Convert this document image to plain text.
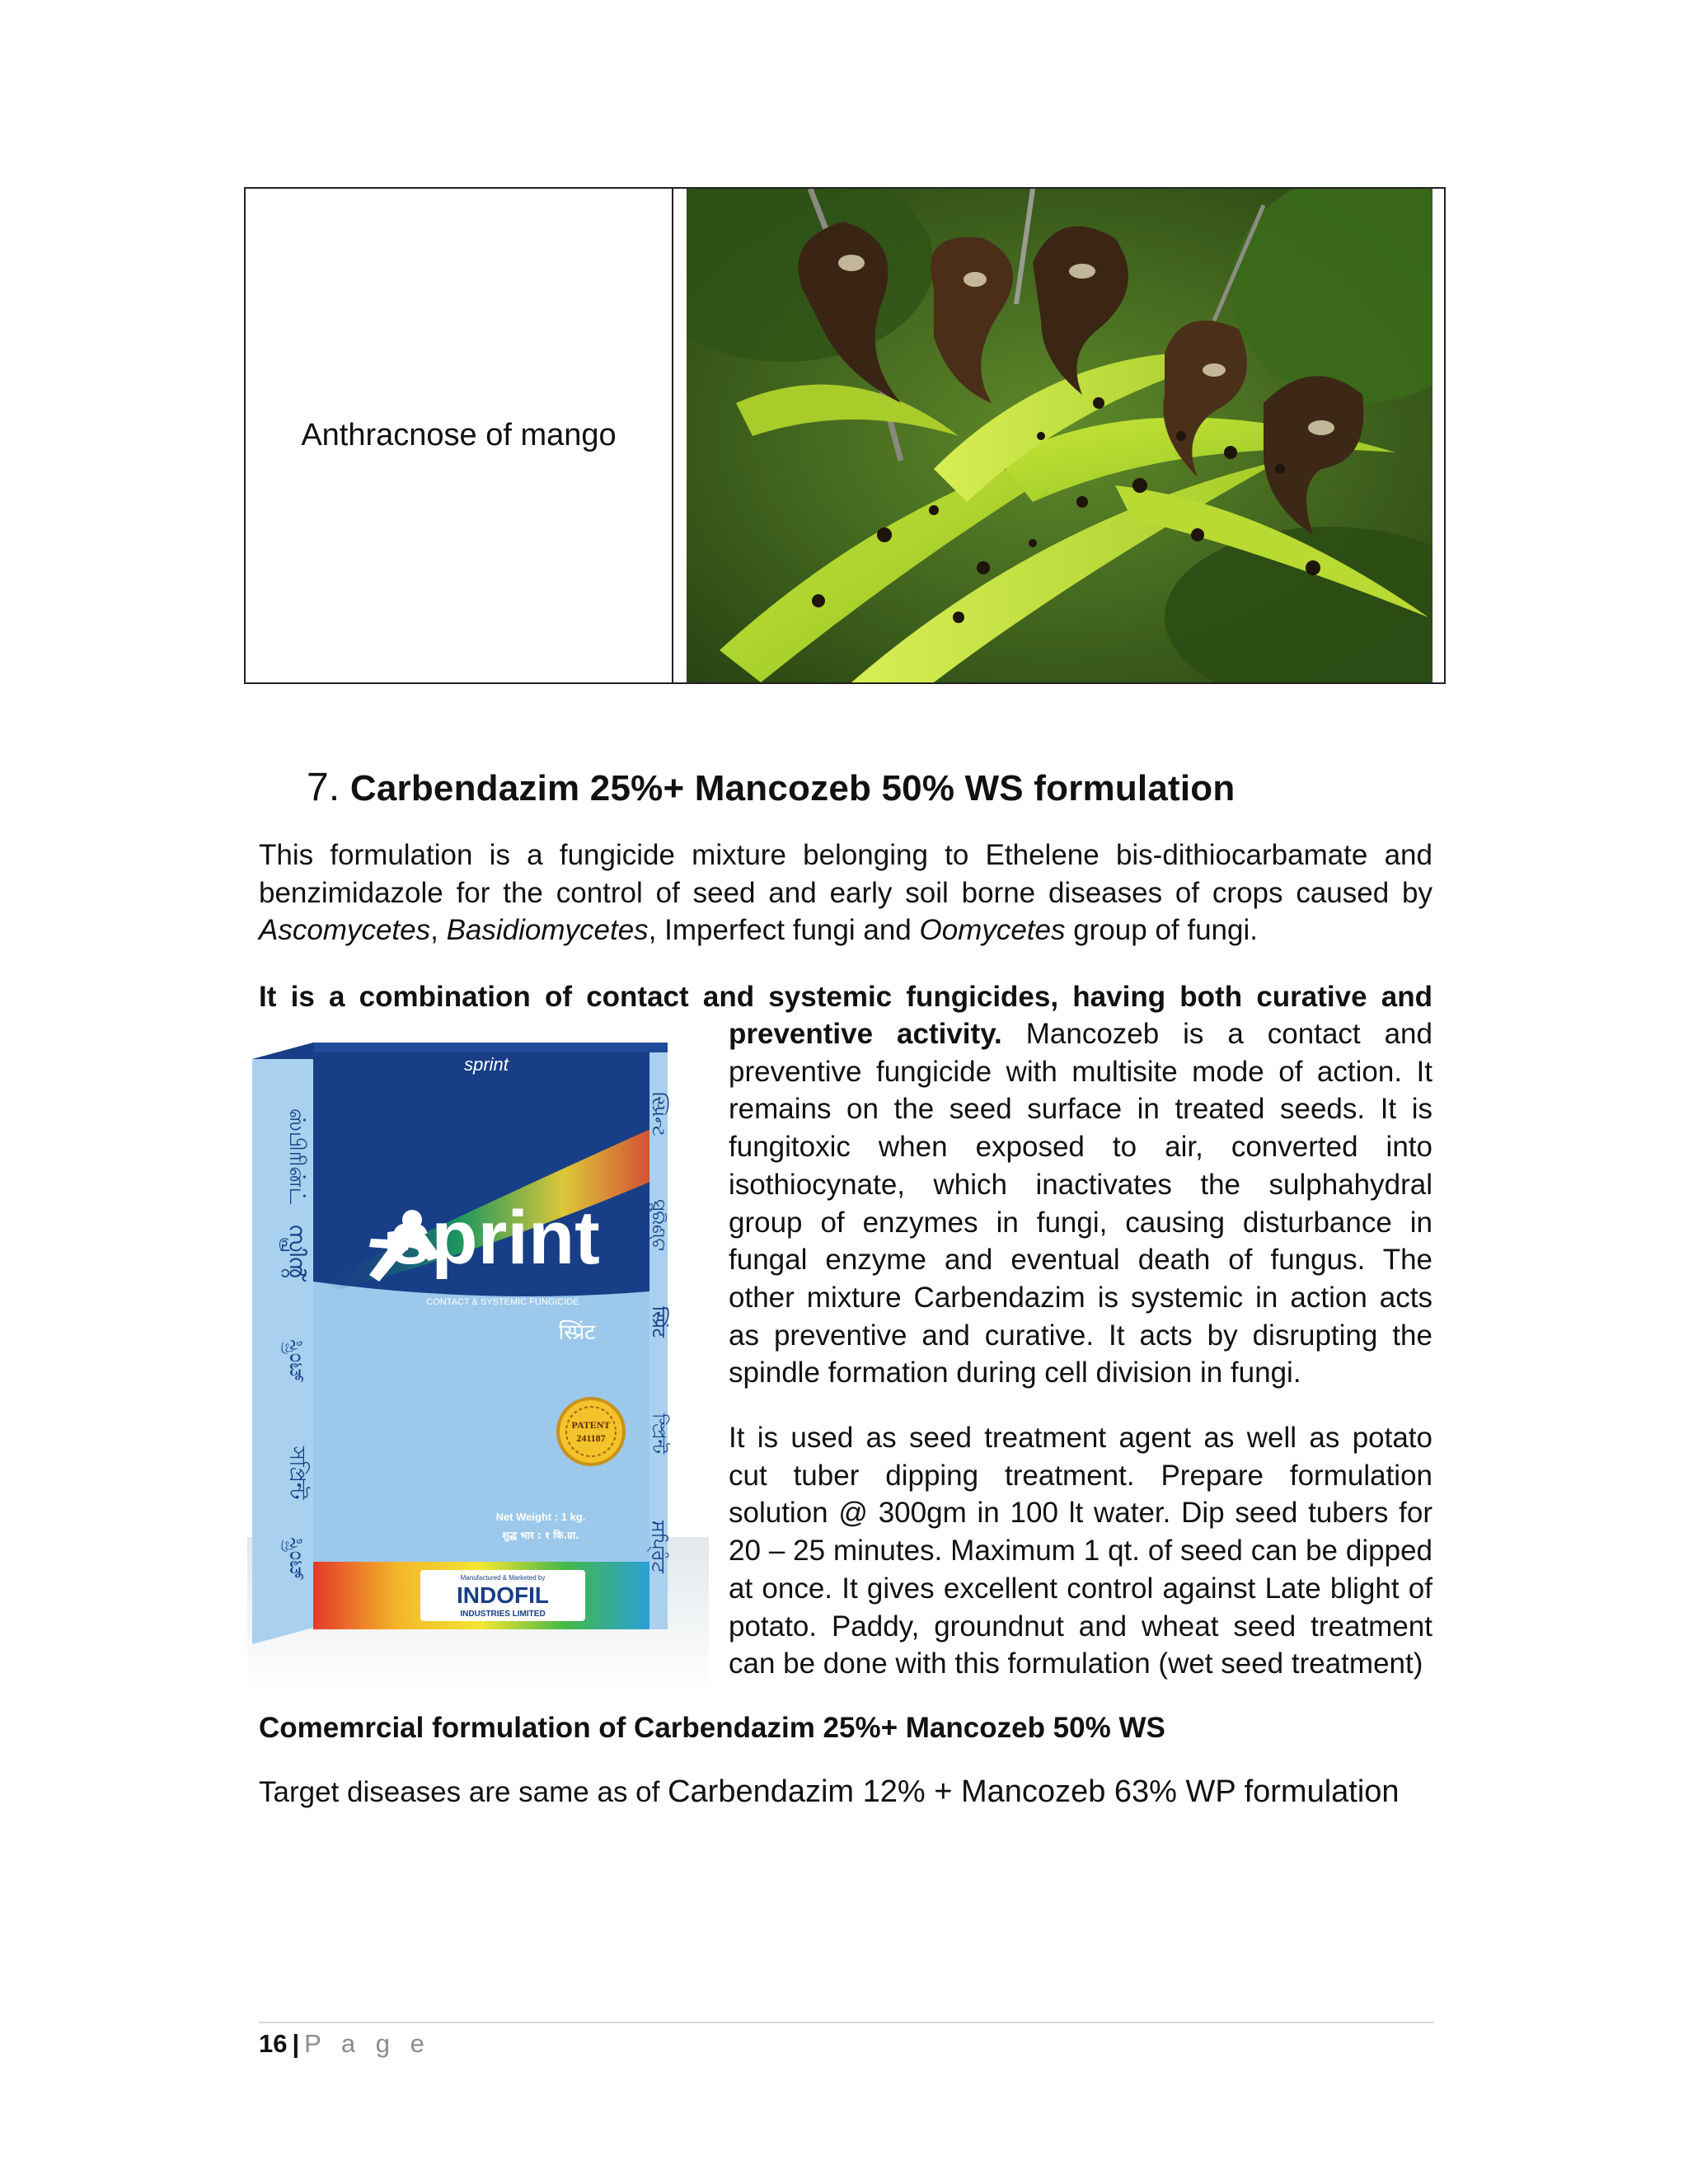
Anthracnose of mango
7. Carbendazim 25%+ Mancozeb 50% WS formulation
This formulation is a fungicide mixture belonging to Ethelene bis-dithiocarbamate and benzimidazole for the control of seed and early soil borne diseases of crops caused by Ascomycetes, Basidiomycetes, Imperfect fungi and Oomycetes group of fungi.
It is a combination of contact and systemic fungicides, having both curative and
preventive activity. Mancozeb is a contact and preventive fungicide with multisite mode of action. It remains on the seed surface in treated seeds. It is fungitoxic when exposed to air, converted into isothiocynate, which inactivates the sulphahydral group of enzymes in fungi, causing disturbance in fungal enzyme and eventual death of fungus. The other mixture Carbendazim is systemic in action acts as preventive and curative. It acts by disrupting the spindle formation during cell division in fungi.
It is used as seed treatment agent as well as potato cut tuber dipping treatment. Prepare formulation solution @ 300gm in 100 lt water. Dip seed tubers for 20 – 25 minutes. Maximum 1 qt. of seed can be dipped at once. It gives excellent control against Late blight of potato. Paddy, groundnut and wheat seed treatment can be done with this formulation (wet seed treatment)
sprint
sprint
CONTACT & SYSTEMIC FUNGICIDE
स्प्रिंट
PATENT
241187
Net Weight : 1 kg.
शुद्ध भार : १ कि.ग्रा.
Manufactured & Marketed by
INDOFIL
INDUSTRIES LIMITED
ஸ்பிரின்ட்
സ്പ്രിൻ്റ്
ಸ್ಪ್ರಿಂಟ್
সপ্রিন্ট
ಸ್ಪ್ರಿಂಟ್
સ્પ્રિન્ટ
ସ୍ପ୍ରିଣ୍ଟ
स्प्रिंट
স্প্রিন্ট
ਸਪ੍ਰਿੰਟ
Comemrcial formulation of Carbendazim 25%+ Mancozeb 50% WS
Target diseases are same as of Carbendazim 12% + Mancozeb 63% WP formulation
16 | P a g e
